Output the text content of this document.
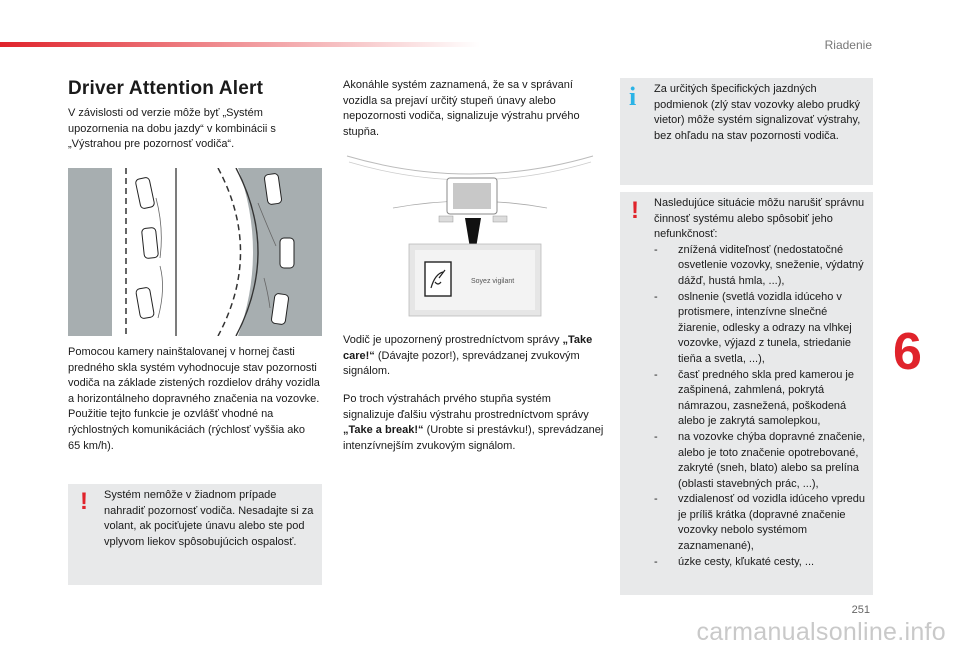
Riadenie
Driver Attention Alert

V závislosti od verzie môže byť „Systém upozornenia na dobu jazdy“ v kombinácii s „Výstrahou pre pozornosť vodiča“.

Pomocou kamery nainštalovanej v hornej časti predného skla systém vyhodnocuje stav pozornosti vodiča na základe zistených rozdielov dráhy vozidla a horizontálneho dopravného značenia na vozovke.
Použitie tejto funkcie je ozvlášť vhodné na rýchlostných komunikáciách (rýchlosť vyššia ako 65 km/h).

! Systém nemôže v žiadnom prípade nahradiť pozornosť vodiča. Nesadajte si za volant, ak pociťujete únavu alebo ste pod vplyvom liekov spôsobujúcich ospalosť.

Akonáhle systém zaznamená, že sa v správaní vozidla sa prejaví určitý stupeň únavy alebo nepozornosti vodiča, signalizuje výstrahu prvého stupňa.

Soyez vigilant

Vodič je upozornený prostredníctvom správy „Take care!“ (Dávajte pozor!), sprevádzanej zvukovým signálom.

Po troch výstrahách prvého stupňa systém signalizuje ďalšiu výstrahu prostredníctvom správy „Take a break!“ (Urobte si prestávku!), sprevádzanej intenzívnejším zvukovým signálom.

i Za určitých špecifických jazdných podmienok (zlý stav vozovky alebo prudký vietor) môže systém signalizovať výstrahy, bez ohľadu na stav pozornosti vodiča.

! Nasledujúce situácie môžu narušiť správnu činnosť systému alebo spôsobiť jeho nefunkčnosť:

- znížená viditeľnosť (nedostatočné osvetlenie vozovky, sneženie, výdatný dážď, hustá hmla, ...),
- oslnenie (svetlá vozidla idúceho v protismere, intenzívne slnečné žiarenie, odlesky a odrazy na vlhkej vozovke, výjazd z tunela, striedanie tieňa a svetla, ...),
- časť predného skla pred kamerou je zašpinená, zahmlená, pokrytá námrazou, zasnežená, poškodená alebo je zakrytá samolepkou,
- na vozovke chýba dopravné značenie, alebo je toto značenie opotrebované, zakryté (sneh, blato) alebo sa prelína (oblasti stavebných prác, ...),
- vzdialenosť od vozidla idúceho vpredu je príliš krátka (dopravné značenie vozovky nebolo systémom zaznamenané),
- úzke cesty, kľukaté cesty, ...
6
251
carmanualsonline.info
